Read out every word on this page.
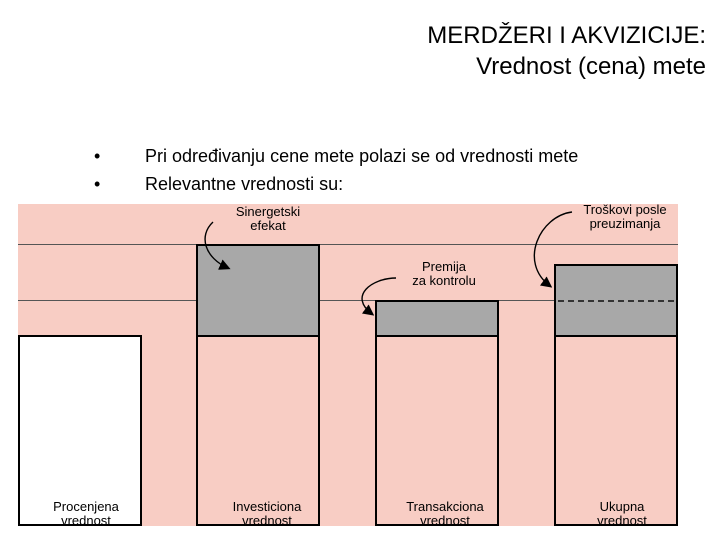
MERDŽERI I AKVIZICIJE:
Vrednost (cena) mete
•	Pri određivanju cene mete polazi se od vrednosti mete
•	Relevantne vrednosti su:
Sinergetski
efekat
Premija
za kontrolu
Troškovi posle
preuzimanja
Procenjena
vrednost
Investiciona
vrednost
Transakciona
vrednost
Ukupna
vrednost
